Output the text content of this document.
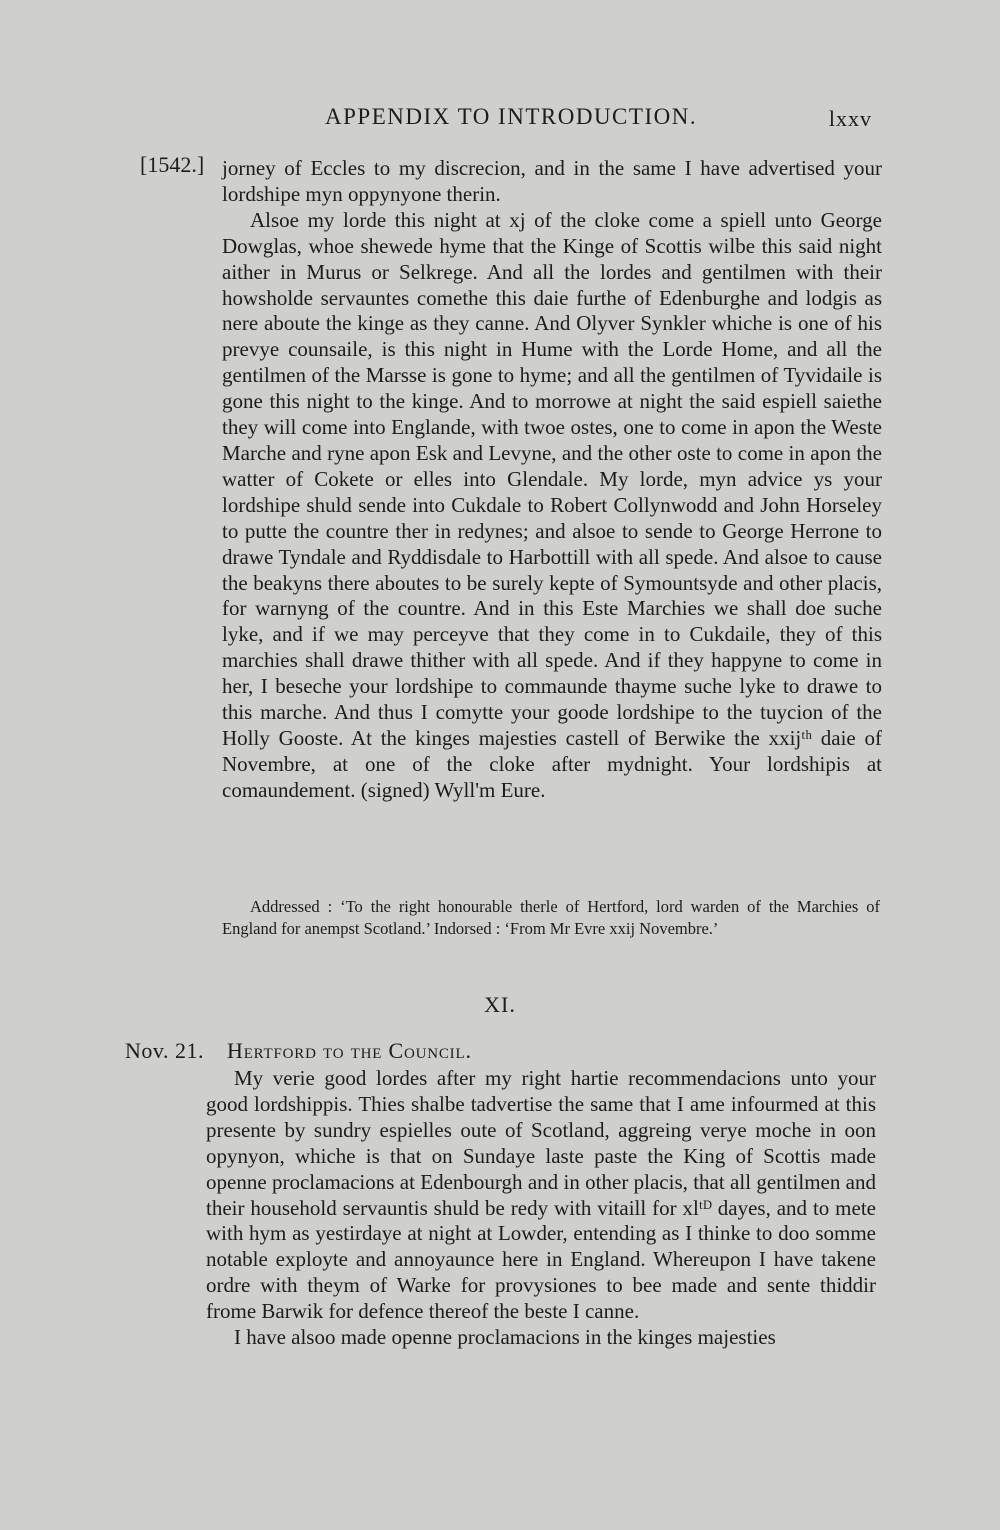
APPENDIX TO INTRODUCTION.	lxxv
[1542.] jorney of Eccles to my discrecion, and in the same I have advertised your lordshipe myn oppynyone therin.

Alsoe my lorde this night at xj of the cloke come a spiell unto George Dowglas, whoe shewede hyme that the Kinge of Scottis wilbe this said night aither in Murus or Selkrege. And all the lordes and gentilmen with their howsholde servauntes comethe this daie furthe of Edenburghe and lodgis as nere aboute the kinge as they canne. And Olyver Synkler whiche is one of his prevye counsaile, is this night in Hume with the Lorde Home, and all the gentilmen of the Marsse is gone to hyme; and all the gentilmen of Tyvidaile is gone this night to the kinge. And to morrowe at night the said espiell saiethe they will come into Englande, with twoe ostes, one to come in apon the Weste Marche and ryne apon Esk and Levyne, and the other oste to come in apon the watter of Cokete or elles into Glendale. My lorde, myn advice ys your lordshipe shuld sende into Cukdale to Robert Collynwodd and John Horseley to putte the countre ther in redynes; and alsoe to sende to George Herrone to drawe Tyndale and Ryddisdale to Harbottill with all spede. And alsoe to cause the beakyns there aboutes to be surely kepte of Symountsyde and other placis, for warnyng of the countre. And in this Este Marchies we shall doe suche lyke, and if we may perceyve that they come in to Cukdaile, they of this marchies shall drawe thither with all spede. And if they happyne to come in her, I beseche your lordshipe to commaunde thayme suche lyke to drawe to this marche. And thus I comytte your goode lordshipe to the tuycion of the Holly Gooste. At the kinges majesties castell of Berwike the xxijᵗʰ daie of Novembre, at one of the cloke after mydnight. Your lordshipis at comaundement. (signed) Wyll'm Eure.

Addressed : ‘To the right honourable therle of Hertford, lord warden of the Marchies of England for anempst Scotland.’ Indorsed : ‘From Mr Evre xxij Novembre.’

XI.
Nov. 21. Hertford to the Council.

My verie good lordes after my right hartie recommendacions unto your good lordshippis. Thies shalbe tadvertise the same that I ame infourmed at this presente by sundry espielles oute of Scotland, aggreing verye moche in oon opynyon, whiche is that on Sundaye laste paste the King of Scottis made openne proclamacions at Edenbourgh and in other placis, that all gentilmen and their household servauntis shuld be redy with vitaill for xlᵗᴰ dayes, and to mete with hym as yestirdaye at night at Lowder, entending as I thinke to doo somme notable exployte and annoyaunce here in England. Whereupon I have takene ordre with theym of Warke for provysiones to bee made and sente thiddir frome Barwik for defence thereof the beste I canne.

I have alsoo made openne proclamacions in the kinges majesties
